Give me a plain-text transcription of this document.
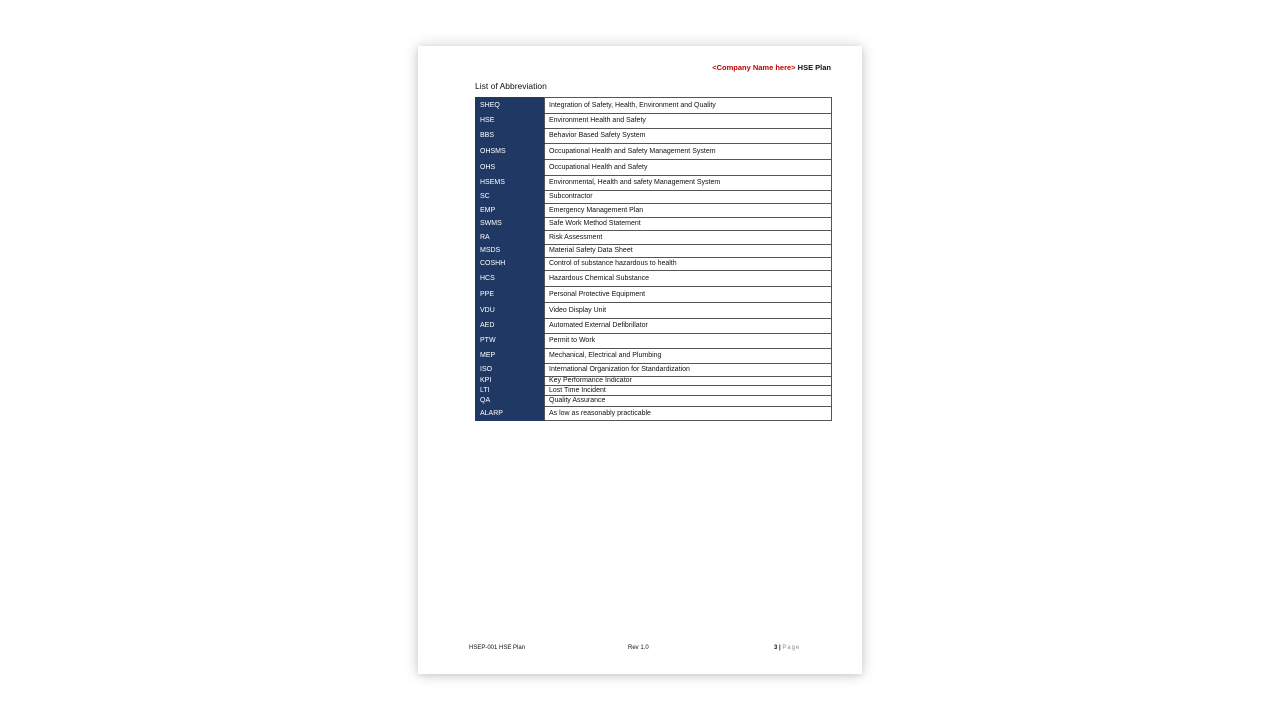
<Company Name here> HSE Plan
List of Abbreviation
SHEQ	Integration of Safety, Health, Environment and Quality
HSE	Environment Health and Safety
BBS	Behavior Based Safety System
OHSMS	Occupational Health and Safety Management System
OHS	Occupational Health and Safety
HSEMS	Environmental, Health and safety Management System
SC	Subcontractor
EMP	Emergency Management Plan
SWMS	Safe Work Method Statement
RA	Risk Assessment
MSDS	Material Safety Data Sheet
COSHH	Control of substance hazardous to health
HCS	Hazardous Chemical Substance
PPE	Personal Protective Equipment
VDU	Video Display Unit
AED	Automated External Defibrillator
PTW	Permit to Work
MEP	Mechanical, Electrical and Plumbing
ISO	International Organization for Standardization
KPI	Key Performance Indicator
LTI	Lost Time Incident
QA	Quality Assurance
ALARP	As low as reasonably practicable
HSEP-001 HSE Plan	Rev 1.0	3 | Page
